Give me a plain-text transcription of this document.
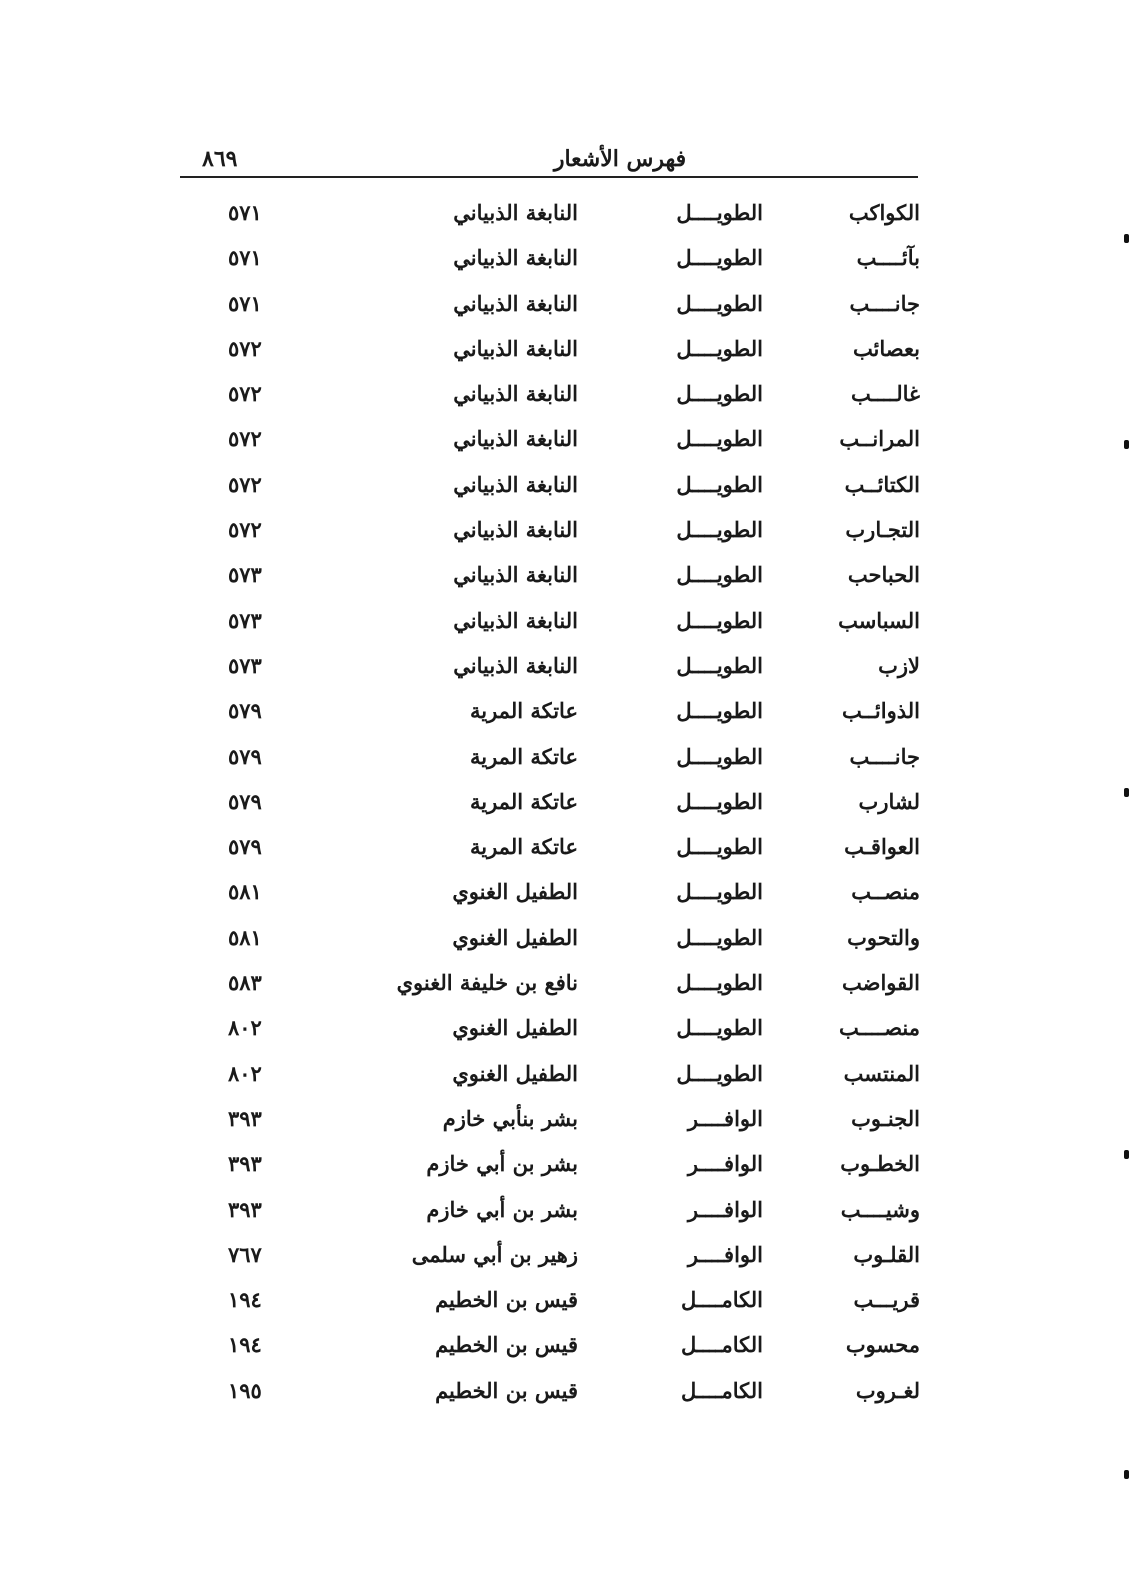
فهرس الأشعار
٨٦٩
الكواكب
الطويــــل
النابغة الذبياني
٥٧١
بآئــــب
الطويــــل
النابغة الذبياني
٥٧١
جانــــب
الطويــــل
النابغة الذبياني
٥٧١
بعصائب
الطويــــل
النابغة الذبياني
٥٧٢
غالــــب
الطويــــل
النابغة الذبياني
٥٧٢
المرانــب
الطويــــل
النابغة الذبياني
٥٧٢
الكتائــب
الطويــــل
النابغة الذبياني
٥٧٢
التجـارب
الطويــــل
النابغة الذبياني
٥٧٢
الحباحب
الطويــــل
النابغة الذبياني
٥٧٣
السباسب
الطويــــل
النابغة الذبياني
٥٧٣
لازب
الطويــــل
النابغة الذبياني
٥٧٣
الذوائــب
الطويــــل
عاتكة المرية
٥٧٩
جانــــب
الطويــــل
عاتكة المرية
٥٧٩
لشارب
الطويــــل
عاتكة المرية
٥٧٩
العواقـب
الطويــــل
عاتكة المرية
٥٧٩
منصــب
الطويــــل
الطفيل الغنوي
٥٨١
والتحوب
الطويــــل
الطفيل الغنوي
٥٨١
القواضب
الطويــــل
نافع بن خليفة الغنوي
٥٨٣
منصــــب
الطويــــل
الطفيل الغنوي
٨٠٢
المنتسب
الطويــــل
الطفيل الغنوي
٨٠٢
الجنـوب
الوافــــر
بشر بنأبي خازم
٣٩٣
الخطـوب
الوافــــر
بشر بن أبي خازم
٣٩٣
وشيــــب
الوافــــر
بشر بن أبي خازم
٣٩٣
القلـوب
الوافــــر
زهير بن أبي سلمى
٧٦٧
قريـــب
الكامــــل
قيس بن الخطيم
١٩٤
محسوب
الكامــــل
قيس بن الخطيم
١٩٤
لغـروب
الكامــــل
قيس بن الخطيم
١٩٥
